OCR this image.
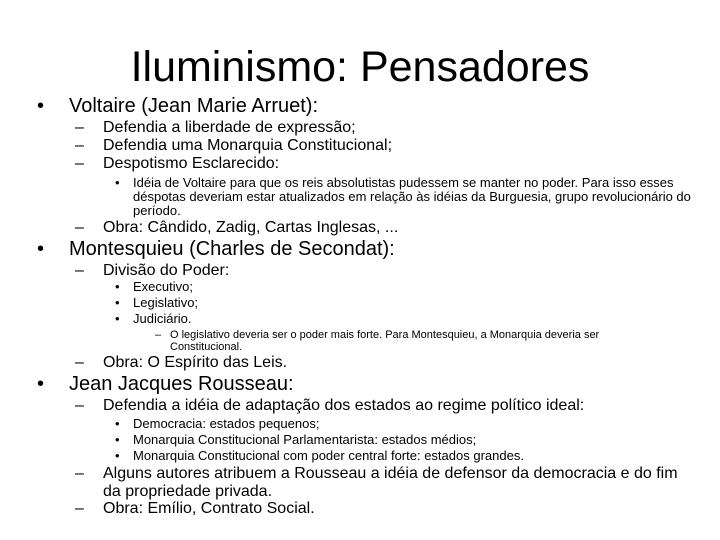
Iluminismo: Pensadores
• Voltaire (Jean Marie Arruet):
– Defendia a liberdade de expressão;
– Defendia uma Monarquia Constitucional;
– Despotismo Esclarecido:
• Idéia de Voltaire para que os reis absolutistas pudessem se manter no poder. Para isso esses déspotas deveriam estar atualizados em relação às idéias da Burguesia, grupo revolucionário do período.
– Obra: Cândido, Zadig, Cartas Inglesas, ...
• Montesquieu (Charles de Secondat):
– Divisão do Poder:
• Executivo;
• Legislativo;
• Judiciário.
– O legislativo deveria ser o poder mais forte. Para Montesquieu, a Monarquia deveria ser Constitucional.
– Obra: O Espírito das Leis.
• Jean Jacques Rousseau:
– Defendia a idéia de adaptação dos estados ao regime político ideal:
• Democracia: estados pequenos;
• Monarquia Constitucional Parlamentarista: estados médios;
• Monarquia Constitucional com poder central forte: estados grandes.
– Alguns autores atribuem a Rousseau a idéia de defensor da democracia e do fim da propriedade privada.
– Obra: Emílio, Contrato Social.
